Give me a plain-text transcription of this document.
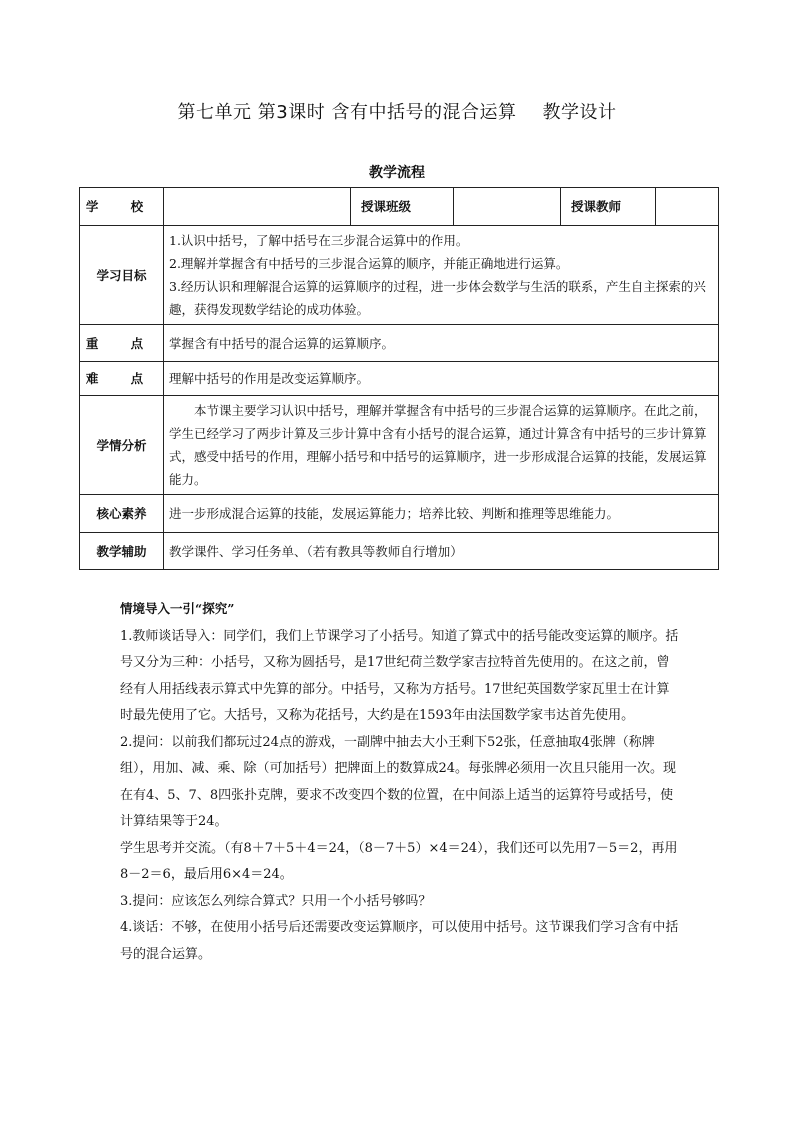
第七单元 第3课时 含有中括号的混合运算 教学设计
教学流程
学 校		授课班级		授课教师	
学习目标	1.认识中括号，了解中括号在三步混合运算中的作用。

2.理解并掌握含有中括号的三步混合运算的顺序，并能正确地进行运算。

3.经历认识和理解混合运算的运算顺序的过程，进一步体会数学与生活的联系，产生自主探索的兴趣，获得发现数学结论的成功体验。				

重 点	掌握含有中括号的混合运算的运算顺序。				
难 点	理解中括号的作用是改变运算顺序。				
学情分析	本节课主要学习认识中括号，理解并掌握含有中括号的三步混合运算的运算顺序。在此之前，学生已经学习了两步计算及三步计算中含有小括号的混合运算，通过计算含有中括号的三步计算算式，感受中括号的作用，理解小括号和中括号的运算顺序，进一步形成混合运算的技能，发展运算能力。				

核心素养	进一步形成混合运算的技能，发展运算能力；培养比较、判断和推理等思维能力。				
教学辅助	教学课件、学习任务单、（若有教具等教师自行增加）				

情境导入一引“探究”

1.教师谈话导入：同学们，我们上节课学习了小括号。知道了算式中的括号能改变运算的顺序。括号又分为三种：小括号，又称为圆括号，是17世纪荷兰数学家吉拉特首先使用的。在这之前，曾经有人用括线表示算式中先算的部分。中括号，又称为方括号。17世纪英国数学家瓦里士在计算时最先使用了它。大括号，又称为花括号，大约是在1593年由法国数学家韦达首先使用。

2.提问：以前我们都玩过24点的游戏，一副牌中抽去大小王剩下52张，任意抽取4张牌（称牌组），用加、减、乘、除（可加括号）把牌面上的数算成24。每张牌必须用一次且只能用一次。现在有4、5、7、8四张扑克牌，要求不改变四个数的位置，在中间添上适当的运算符号或括号，使计算结果等于24。

学生思考并交流。（有8＋7＋5＋4＝24，（8－7＋5）×4＝24），我们还可以先用7－5＝2，再用8－2＝6，最后用6×4＝24。

3.提问：应该怎么列综合算式？只用一个小括号够吗？

4.谈话：不够，在使用小括号后还需要改变运算顺序，可以使用中括号。这节课我们学习含有中括号的混合运算。
